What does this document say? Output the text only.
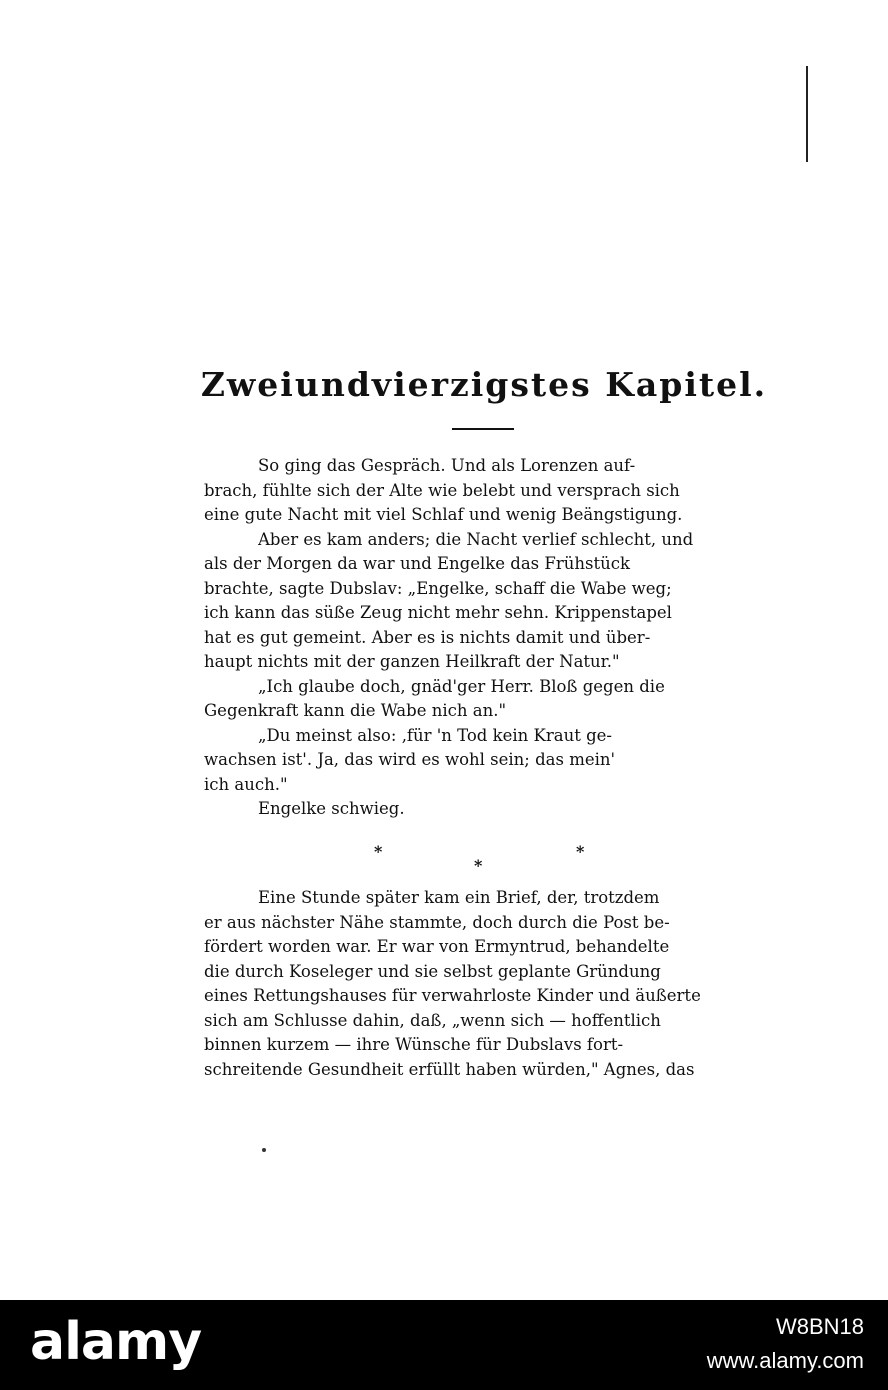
Zweiundvierzigstes Kapitel.
So ging das Gespräch. Und als Lorenzen auf-
brach, fühlte sich der Alte wie belebt und versprach sich
eine gute Nacht mit viel Schlaf und wenig Beängstigung.
Aber es kam anders; die Nacht verlief schlecht, und
als der Morgen da war und Engelke das Frühstück
brachte, sagte Dubslav: „Engelke, schaff die Wabe weg;
ich kann das süße Zeug nicht mehr sehn. Krippenstapel
hat es gut gemeint. Aber es is nichts damit und über-
haupt nichts mit der ganzen Heilkraft der Natur."
„Ich glaube doch, gnäd'ger Herr. Bloß gegen die
Gegenkraft kann die Wabe nich an."
„Du meinst also: ‚für 'n Tod kein Kraut ge-
wachsen ist'. Ja, das wird es wohl sein; das mein'
ich auch."
Engelke schwieg.
*
*
*
Eine Stunde später kam ein Brief, der, trotzdem
er aus nächster Nähe stammte, doch durch die Post be-
fördert worden war. Er war von Ermyntrud, behandelte
die durch Koseleger und sie selbst geplante Gründung
eines Rettungshauses für verwahrloste Kinder und äußerte
sich am Schlusse dahin, daß, „wenn sich — hoffentlich
binnen kurzem — ihre Wünsche für Dubslavs fort-
schreitende Gesundheit erfüllt haben würden," Agnes, das
alamy	W8BN18
www.alamy.com
